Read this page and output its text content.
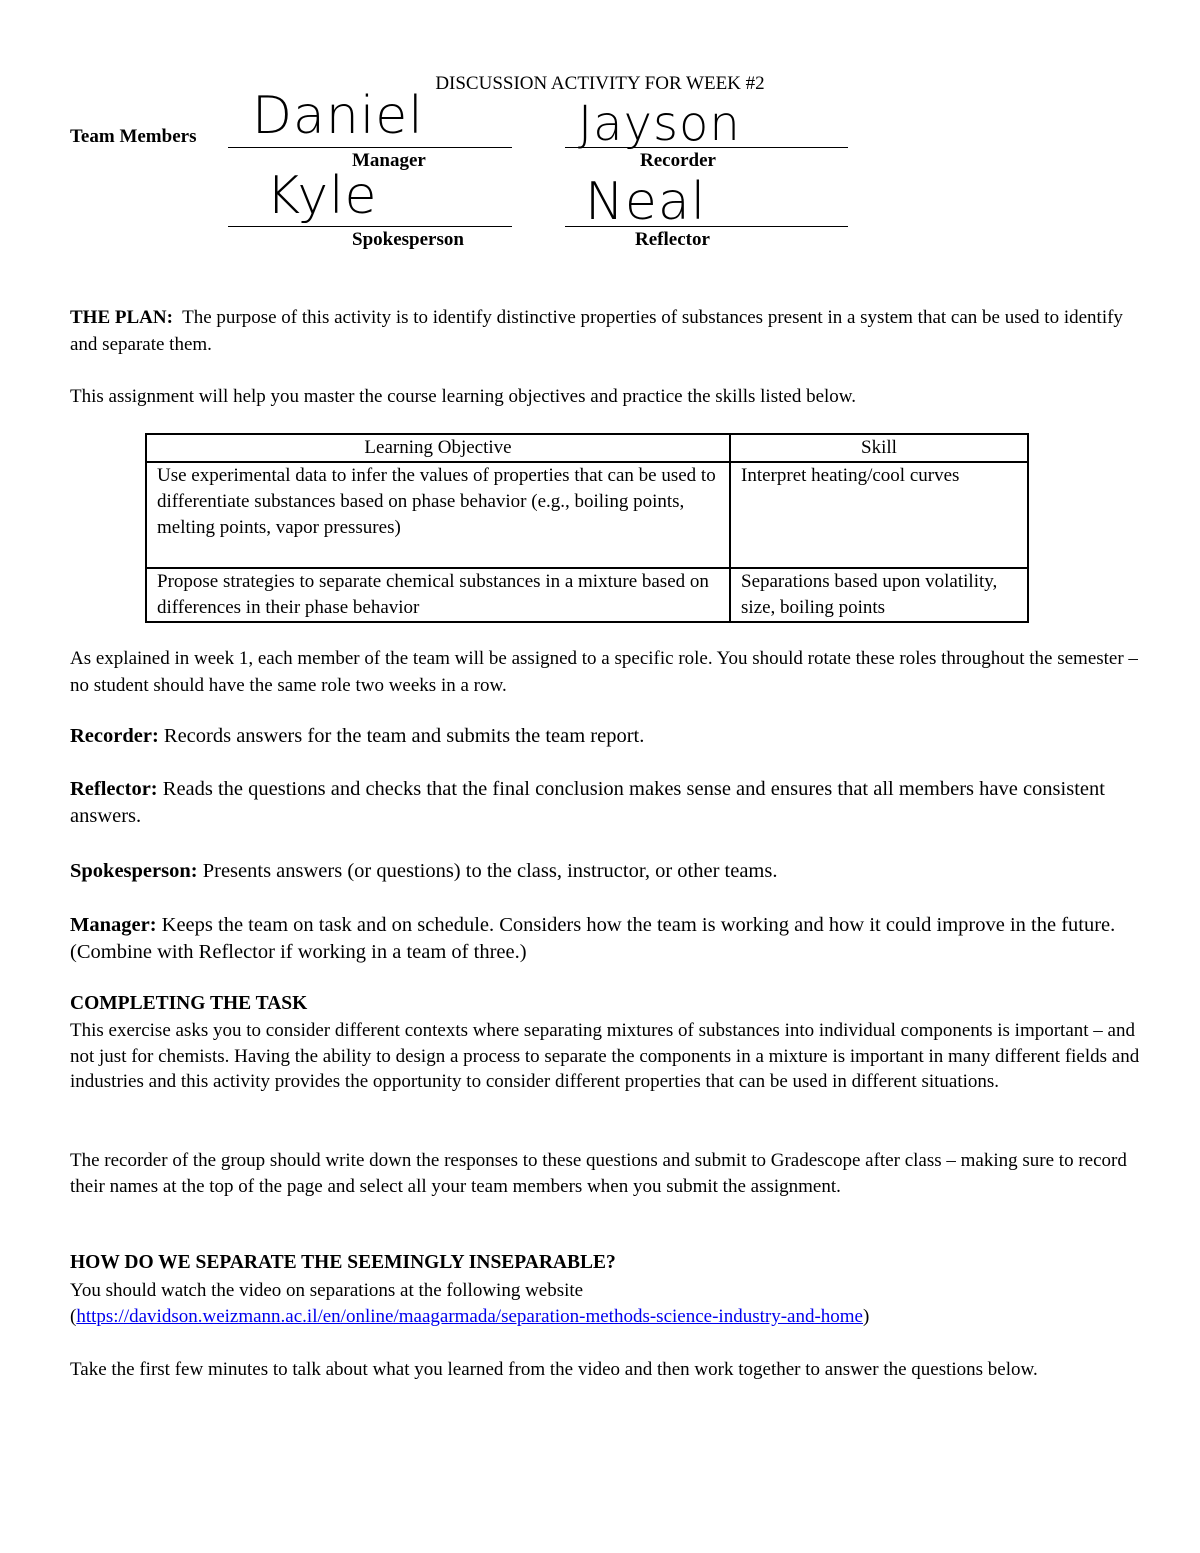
DISCUSSION ACTIVITY FOR WEEK #2
Team Members Daniel
Manager
Jayson
Recorder
Kyle
Spokesperson
Neal
Reflector

THE PLAN: The purpose of this activity is to identify distinctive properties of substances present in a system that can be used to identify and separate them.

This assignment will help you master the course learning objectives and practice the skills listed below.

Learning Objective	Skill
Use experimental data to infer the values of properties that can be used to differentiate substances based on phase behavior (e.g., boiling points, melting points, vapor pressures)	Interpret heating/cool curves
Propose strategies to separate chemical substances in a mixture based on differences in their phase behavior	Separations based upon volatility, size, boiling points

As explained in week 1, each member of the team will be assigned to a specific role. You should rotate these roles throughout the semester – no student should have the same role two weeks in a row.

Recorder: Records answers for the team and submits the team report.

Reflector: Reads the questions and checks that the final conclusion makes sense and ensures that all members have consistent answers.

Spokesperson: Presents answers (or questions) to the class, instructor, or other teams.

Manager: Keeps the team on task and on schedule. Considers how the team is working and how it could improve in the future. (Combine with Reflector if working in a team of three.)

COMPLETING THE TASK

This exercise asks you to consider different contexts where separating mixtures of substances into individual components is important – and not just for chemists. Having the ability to design a process to separate the components in a mixture is important in many different fields and industries and this activity provides the opportunity to consider different properties that can be used in different situations.

The recorder of the group should write down the responses to these questions and submit to Gradescope after class – making sure to record their names at the top of the page and select all your team members when you submit the assignment.

HOW DO WE SEPARATE THE SEEMINGLY INSEPARABLE?

You should watch the video on separations at the following website

(https://davidson.weizmann.ac.il/en/online/maagarmada/separation-methods-science-industry-and-home)

Take the first few minutes to talk about what you learned from the video and then work together to answer the questions below.
